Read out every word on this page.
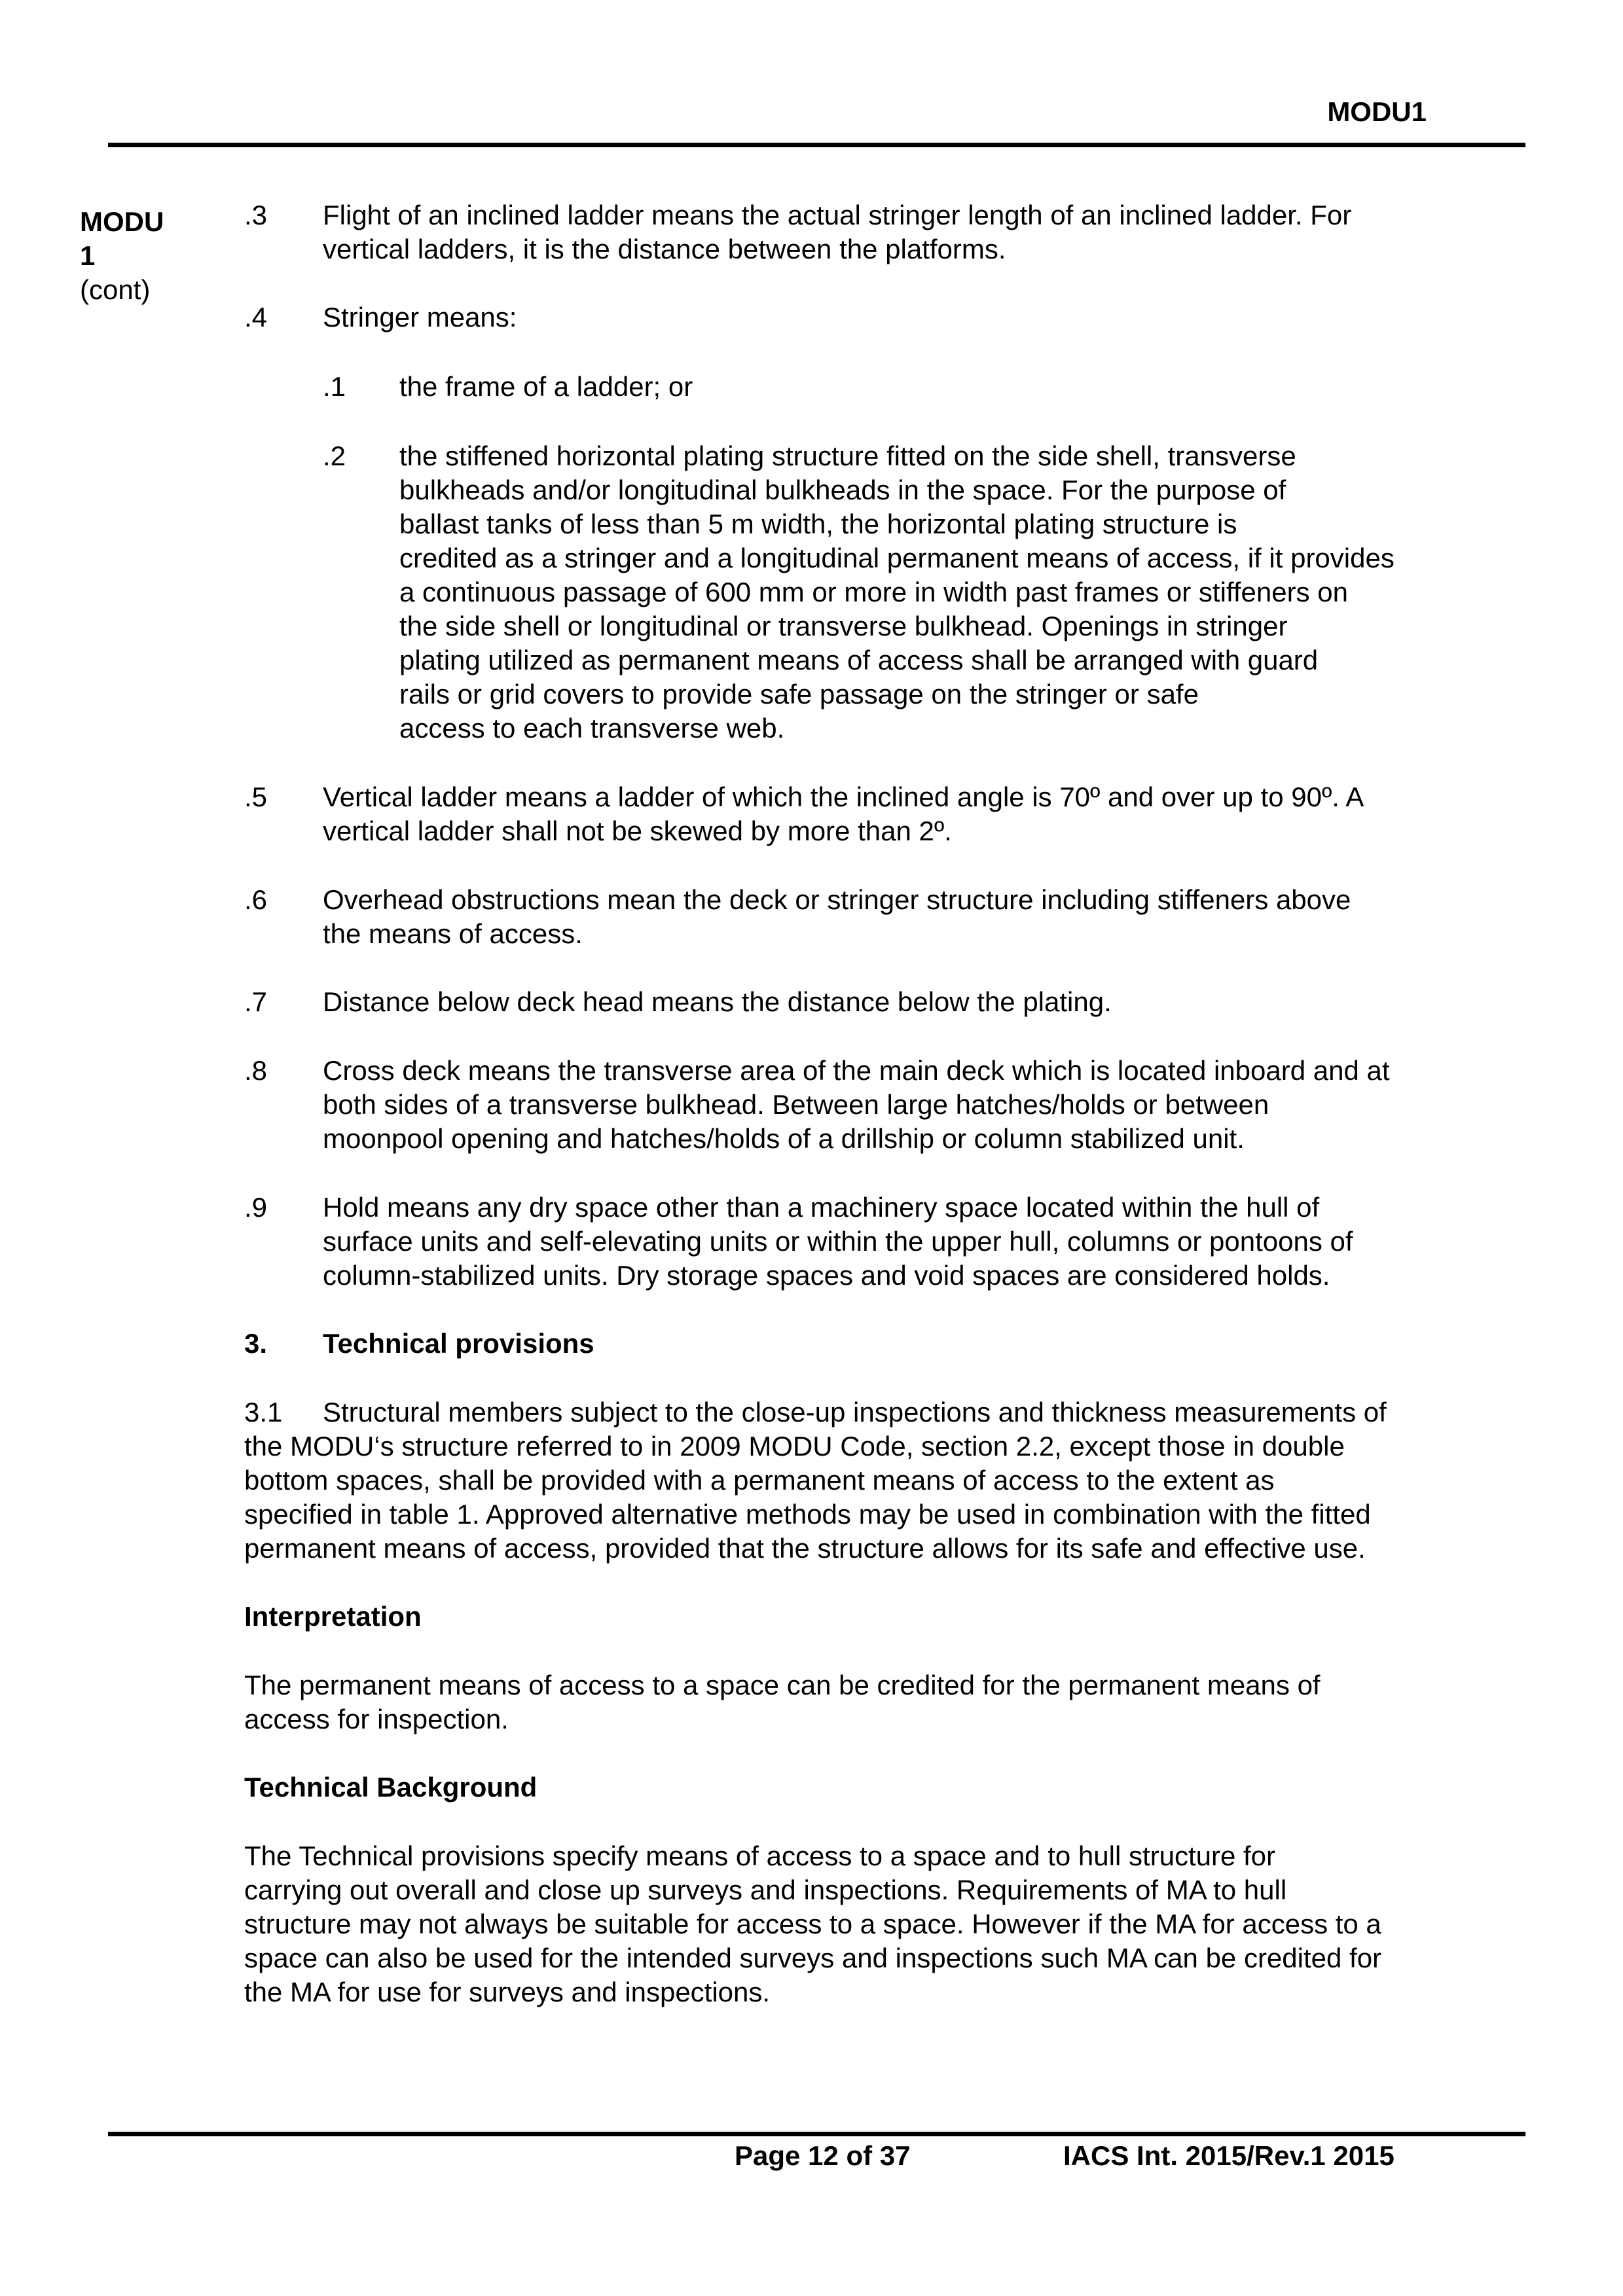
MODU1
MODU
1
(cont)
.3 Flight of an inclined ladder means the actual stringer length of an inclined ladder. For
vertical ladders, it is the distance between the platforms.
.4 Stringer means:
.1 the frame of a ladder; or
.2 the stiffened horizontal plating structure fitted on the side shell, transverse
bulkheads and/or longitudinal bulkheads in the space. For the purpose of
ballast tanks of less than 5 m width, the horizontal plating structure is
credited as a stringer and a longitudinal permanent means of access, if it provides
a continuous passage of 600 mm or more in width past frames or stiffeners on
the side shell or longitudinal or transverse bulkhead. Openings in stringer
plating utilized as permanent means of access shall be arranged with guard
rails or grid covers to provide safe passage on the stringer or safe
access to each transverse web.
.5 Vertical ladder means a ladder of which the inclined angle is 70º and over up to 90º. A
vertical ladder shall not be skewed by more than 2º.
.6 Overhead obstructions mean the deck or stringer structure including stiffeners above
the means of access.
.7 Distance below deck head means the distance below the plating.
.8 Cross deck means the transverse area of the main deck which is located inboard and at
both sides of a transverse bulkhead. Between large hatches/holds or between
moonpool opening and hatches/holds of a drillship or column stabilized unit.
.9 Hold means any dry space other than a machinery space located within the hull of
surface units and self-elevating units or within the upper hull, columns or pontoons of
column-stabilized units. Dry storage spaces and void spaces are considered holds.
3. Technical provisions
3.1 Structural members subject to the close-up inspections and thickness measurements of
the MODU‘s structure referred to in 2009 MODU Code, section 2.2, except those in double
bottom spaces, shall be provided with a permanent means of access to the extent as
specified in table 1. Approved alternative methods may be used in combination with the fitted
permanent means of access, provided that the structure allows for its safe and effective use.
Interpretation
The permanent means of access to a space can be credited for the permanent means of
access for inspection.
Technical Background
The Technical provisions specify means of access to a space and to hull structure for
carrying out overall and close up surveys and inspections. Requirements of MA to hull
structure may not always be suitable for access to a space. However if the MA for access to a
space can also be used for the intended surveys and inspections such MA can be credited for
the MA for use for surveys and inspections.
Page 12 of 37	IACS Int. 2015/Rev.1 2015
